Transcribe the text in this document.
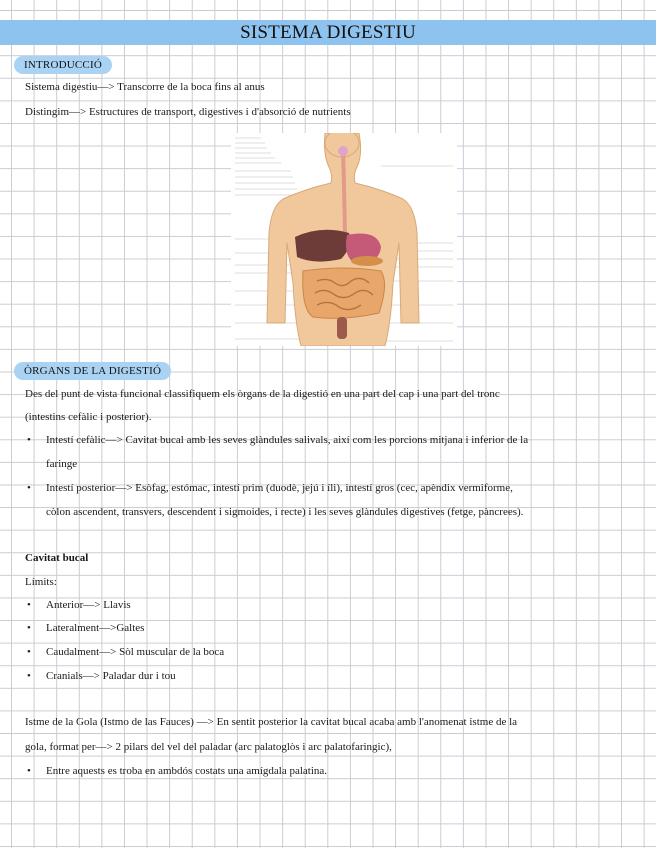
SISTEMA DIGESTIU
INTRODUCCIÓ
Sistema digestiu—> Transcorre de la boca fins al anus
Distingim—> Estructures de transport, digestives i d'absorció de nutrients
ÒRGANS DE LA DIGESTIÓ
Des del punt de vista funcional classifiquem els òrgans de la digestió en una part del cap i una part del tronc
(intestins cefàlic i posterior).
• Intestí cefàlic—> Cavitat bucal amb les seves glàndules salivals, així com les porcions mitjana i inferior de la
faringe
• Intestí posterior—> Esòfag, estómac, intestí prim (duodè, jejú i íli), intestí gros (cec, apèndix vermiforme,
còlon ascendent, transvers, descendent i sigmoides, i recte) i les seves glàndules digestives (fetge, pàncrees).
Cavitat bucal
Límits:
• Anterior—> Llavis
• Lateralment—>Galtes
• Caudalment—> Sòl muscular de la boca
• Cranials—> Paladar dur i tou
Istme de la Gola (Istmo de las Fauces) —> En sentit posterior la cavitat bucal acaba amb l'anomenat istme de la
gola, format per—> 2 pilars del vel del paladar (arc palatoglòs i arc palatofaringic),
• Entre aquests es troba en ambdós costats una amígdala palatina.
